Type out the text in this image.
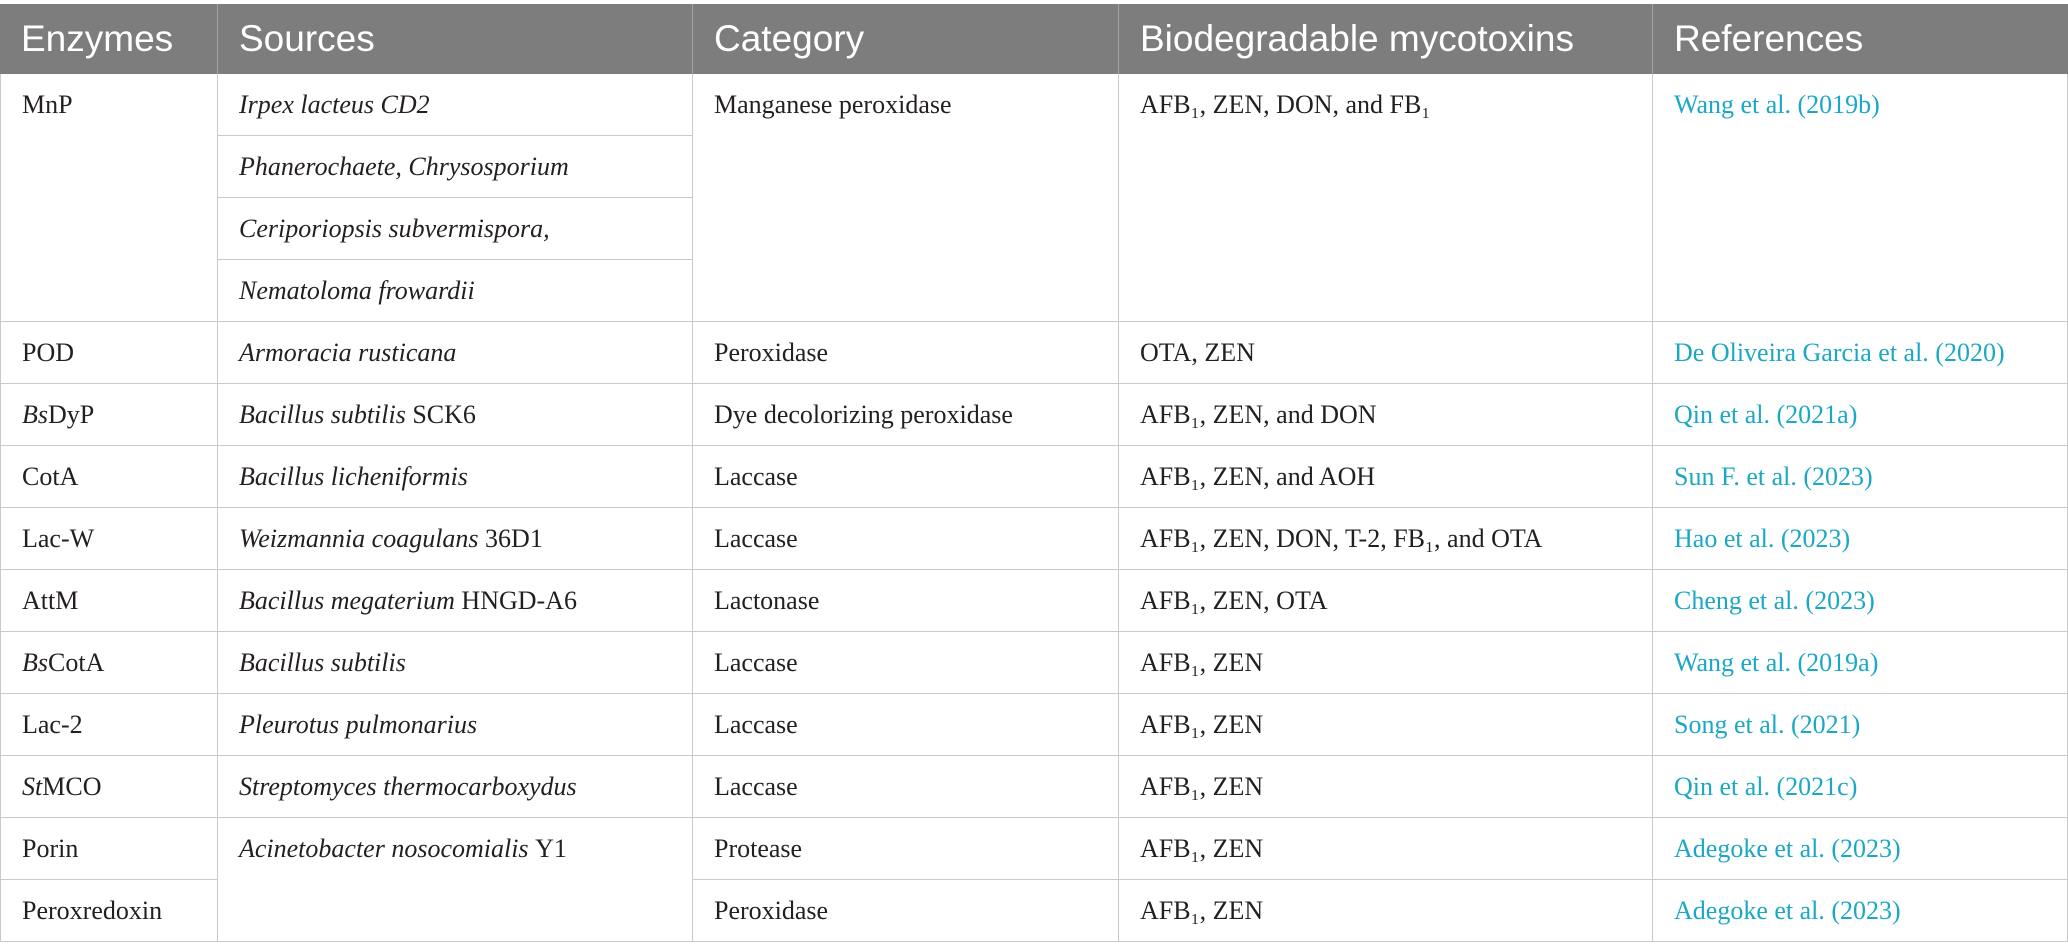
Enzymes	Sources	Category	Biodegradable mycotoxins	References
MnP	Irpex lacteus CD2	Manganese peroxidase	AFB₁, ZEN, DON, and FB₁	Wang et al. (2019b)
Phanerochaete, Chrysosporium
Ceriporiopsis subvermispora,
Nematoloma frowardii
POD	Armoracia rusticana	Peroxidase	OTA, ZEN	De Oliveira Garcia et al. (2020)
BsDyP	Bacillus subtilis SCK6	Dye decolorizing peroxidase	AFB₁, ZEN, and DON	Qin et al. (2021a)
CotA	Bacillus licheniformis	Laccase	AFB₁, ZEN, and AOH	Sun F. et al. (2023)
Lac-W	Weizmannia coagulans 36D1	Laccase	AFB₁, ZEN, DON, T-2, FB₁, and OTA	Hao et al. (2023)
AttM	Bacillus megaterium HNGD-A6	Lactonase	AFB₁, ZEN, OTA	Cheng et al. (2023)
BsCotA	Bacillus subtilis	Laccase	AFB₁, ZEN	Wang et al. (2019a)
Lac-2	Pleurotus pulmonarius	Laccase	AFB₁, ZEN	Song et al. (2021)
StMCO	Streptomyces thermocarboxydus	Laccase	AFB₁, ZEN	Qin et al. (2021c)
Porin	Acinetobacter nosocomialis Y1	Protease	AFB₁, ZEN	Adegoke et al. (2023)
Peroxredoxin	Peroxidase	AFB₁, ZEN	Adegoke et al. (2023)
